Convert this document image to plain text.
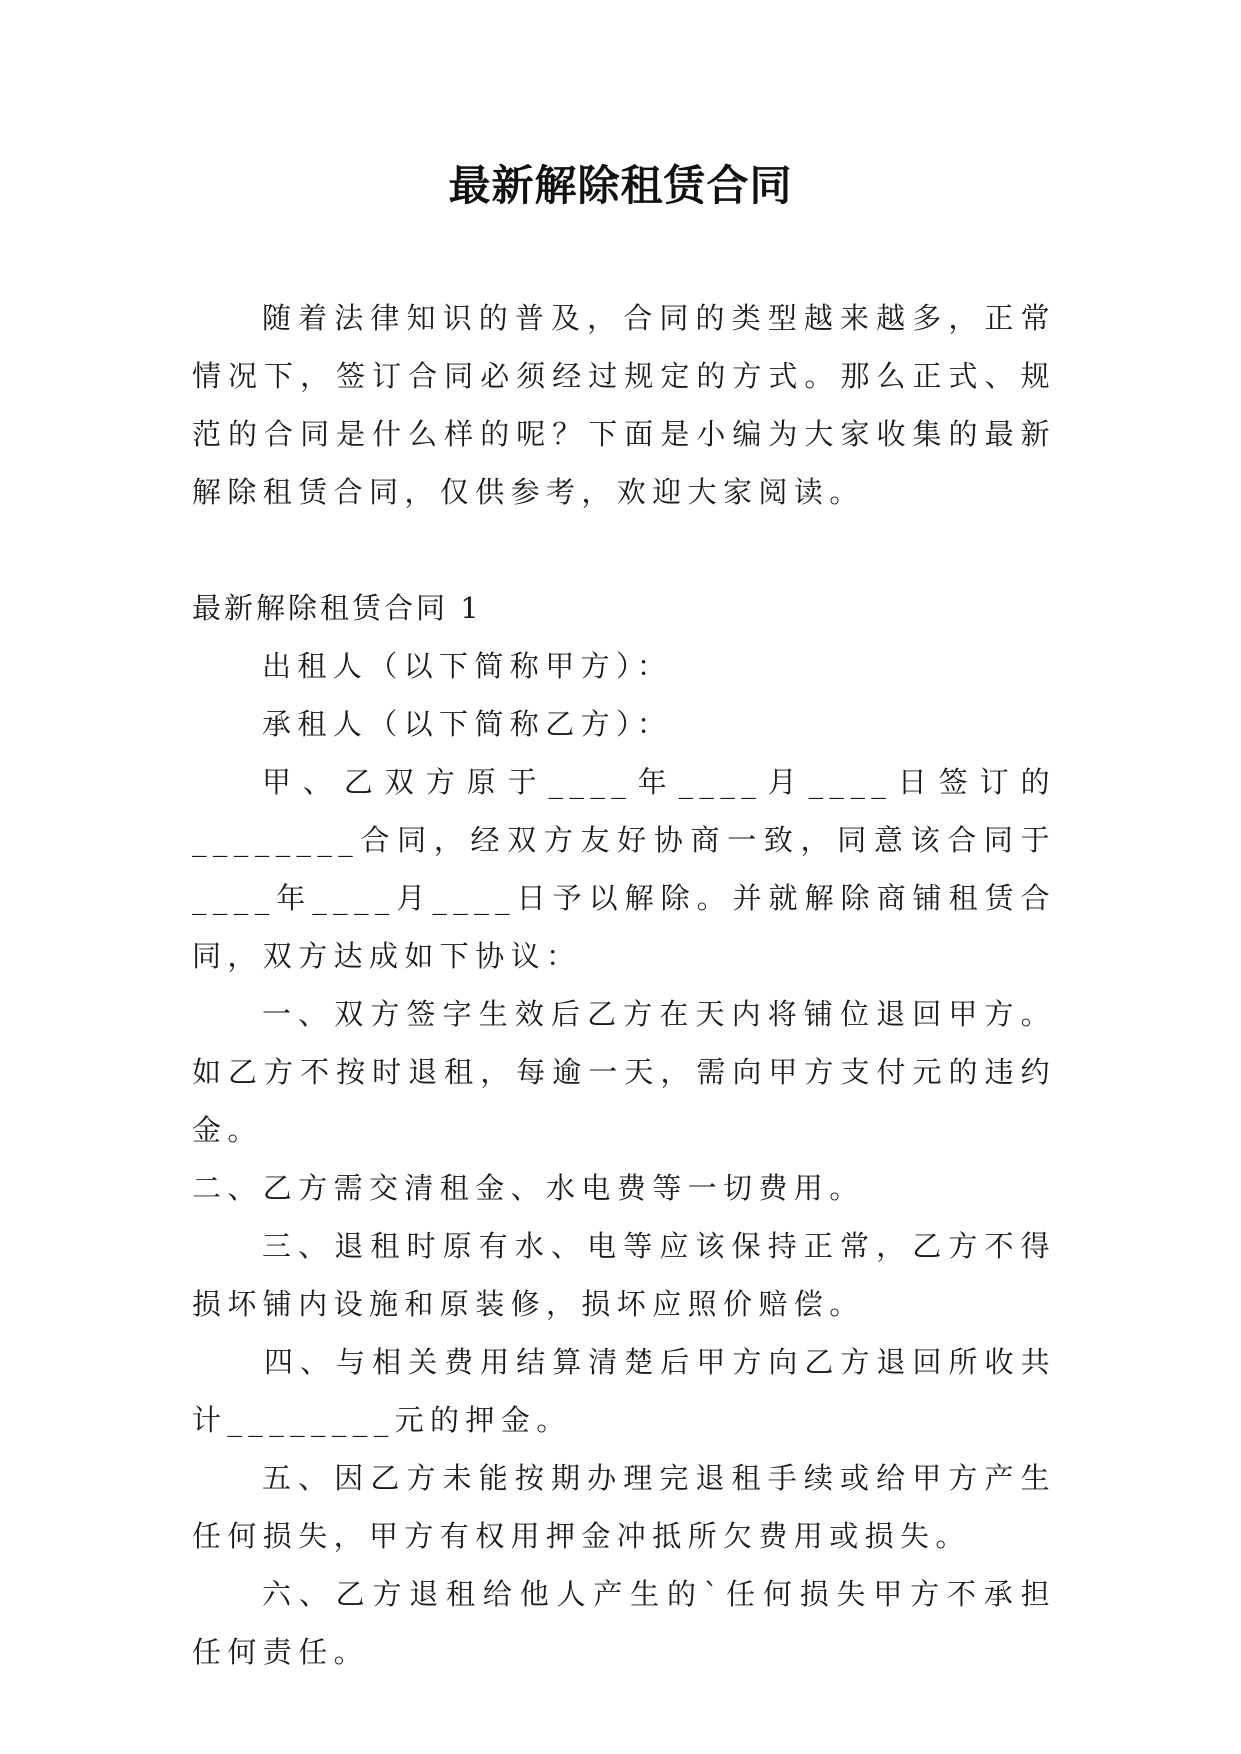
最新解除租赁合同

随着法律知识的普及，合同的类型越来越多，正常情况下，签订合同必须经过规定的方式。那么正式、规范的合同是什么样的呢？下面是小编为大家收集的最新解除租赁合同，仅供参考，欢迎大家阅读。

最新解除租赁合同 1

出租人（以下简称甲方）：

承租人（以下简称乙方）：

甲、乙双方原于____年____月____日签订的________合同，经双方友好协商一致，同意该合同于____年____月____日予以解除。并就解除商铺租赁合同，双方达成如下协议：

一、双方签字生效后乙方在天内将铺位退回甲方。如乙方不按时退租，每逾一天，需向甲方支付元的违约金。

二、乙方需交清租金、水电费等一切费用。

三、退租时原有水、电等应该保持正常，乙方不得损坏铺内设施和原装修，损坏应照价赔偿。

四、与相关费用结算清楚后甲方向乙方退回所收共计________元的押金。

五、因乙方未能按期办理完退租手续或给甲方产生任何损失，甲方有权用押金冲抵所欠费用或损失。

六、乙方退租给他人产生的`任何损失甲方不承担任何责任。
